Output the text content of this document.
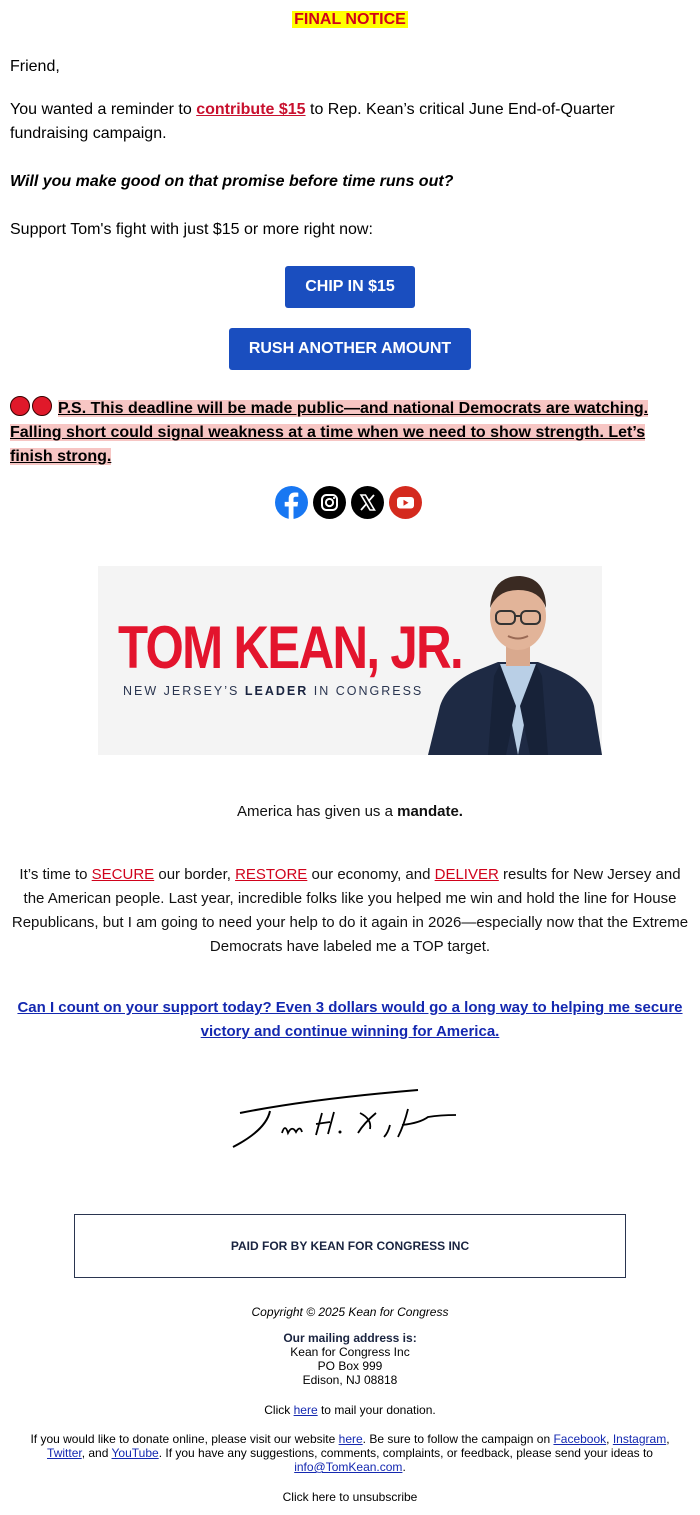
FINAL NOTICE
Friend,
You wanted a reminder to contribute $15 to Rep. Kean’s critical June End-of-Quarter fundraising campaign.
Will you make good on that promise before time runs out?
Support Tom's fight with just $15 or more right now:
CHIP IN $15
RUSH ANOTHER AMOUNT
P.S. This deadline will be made public—and national Democrats are watching. Falling short could signal weakness at a time when we need to show strength. Let’s finish strong.
TOM KEAN, JR.
NEW JERSEY’S LEADER IN CONGRESS
America has given us a mandate.
It’s time to SECURE our border, RESTORE our economy, and DELIVER results for New Jersey and the American people. Last year, incredible folks like you helped me win and hold the line for House Republicans, but I am going to need your help to do it again in 2026—especially now that the Extreme Democrats have labeled me a TOP target.
Can I count on your support today? Even 3 dollars would go a long way to helping me secure victory and continue winning for America.
PAID FOR BY KEAN FOR CONGRESS INC
Copyright © 2025 Kean for Congress
Our mailing address is:
Kean for Congress Inc
PO Box 999
Edison, NJ 08818
Click here to mail your donation.
If you would like to donate online, please visit our website here. Be sure to follow the campaign on Facebook, Instagram,
Twitter, and YouTube. If you have any suggestions, comments, complaints, or feedback, please send your ideas to
info@TomKean.com.
Click here to unsubscribe
